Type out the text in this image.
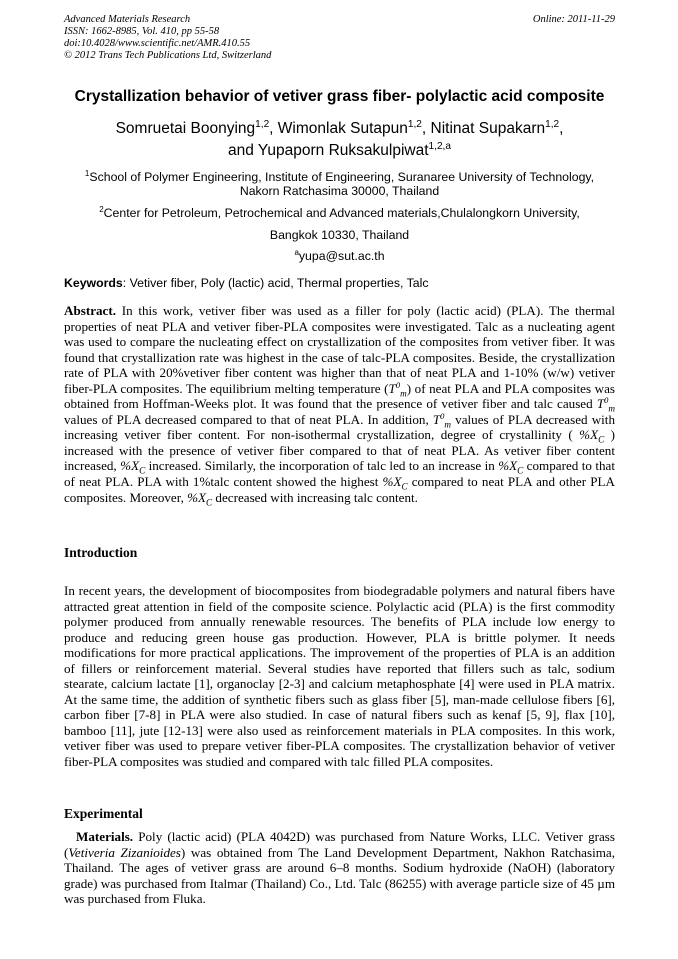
Advanced Materials Research
ISSN: 1662-8985, Vol. 410, pp 55-58
doi:10.4028/www.scientific.net/AMR.410.55
© 2012 Trans Tech Publications Ltd, Switzerland
Online: 2011-11-29
Crystallization behavior of vetiver grass fiber- polylactic acid composite
Somruetai Boonying$^{1,2}$, Wimonlak Sutapun$^{1,2}$, Nitinat Supakarn$^{1,2}$,
and Yupaporn Ruksakulpiwat$^{1,2,a}$
$^1$School of Polymer Engineering, Institute of Engineering, Suranaree University of Technology,
Nakorn Ratchasima 30000, Thailand
$^2$Center for Petroleum, Petrochemical and Advanced materials,Chulalongkorn University,
Bangkok 10330, Thailand
$^a$yupa@sut.ac.th
Keywords: Vetiver fiber, Poly (lactic) acid, Thermal properties, Talc
Abstract. In this work, vetiver fiber was used as a filler for poly (lactic acid) (PLA). The thermal properties of neat PLA and vetiver fiber-PLA composites were investigated. Talc as a nucleating agent was used to compare the nucleating effect on crystallization of the composites from vetiver fiber. It was found that crystallization rate was highest in the case of talc-PLA composites. Beside, the crystallization rate of PLA with 20%vetiver fiber content was higher than that of neat PLA and 1-10% (w/w) vetiver fiber-PLA composites. The equilibrium melting temperature $(T^0_m)$ of neat PLA and PLA composites was obtained from Hoffman-Weeks plot. It was found that the presence of vetiver fiber and talc caused $T^0_m$ values of PLA decreased compared to that of neat PLA. In addition, $T^0_m$ values of PLA decreased with increasing vetiver fiber content. For non-isothermal crystallization, degree of crystallinity ( $\%X_C$ ) increased with the presence of vetiver fiber compared to that of neat PLA. As vetiver fiber content increased, $\%X_C$ increased. Similarly, the incorporation of talc led to an increase in $\%X_C$ compared to that of neat PLA. PLA with 1%talc content showed the highest $\%X_C$ compared to neat PLA and other PLA composites. Moreover, $\%X_C$ decreased with increasing talc content.
Introduction
In recent years, the development of biocomposites from biodegradable polymers and natural fibers have attracted great attention in field of the composite science. Polylactic acid (PLA) is the first commodity polymer produced from annually renewable resources. The benefits of PLA include low energy to produce and reducing green house gas production. However, PLA is brittle polymer. It needs modifications for more practical applications. The improvement of the properties of PLA is an addition of fillers or reinforcement material. Several studies have reported that fillers such as talc, sodium stearate, calcium lactate [1], organoclay [2-3] and calcium metaphosphate [4] were used in PLA matrix. At the same time, the addition of synthetic fibers such as glass fiber [5], man-made cellulose fibers [6], carbon fiber [7-8] in PLA were also studied. In case of natural fibers such as kenaf [5, 9], flax [10], bamboo [11], jute [12-13] were also used as reinforcement materials in PLA composites. In this work, vetiver fiber was used to prepare vetiver fiber-PLA composites. The crystallization behavior of vetiver fiber-PLA composites was studied and compared with talc filled PLA composites.
Experimental
Materials. Poly (lactic acid) (PLA 4042D) was purchased from Nature Works, LLC. Vetiver grass (Vetiveria Zizanioides) was obtained from The Land Development Department, Nakhon Ratchasima, Thailand. The ages of vetiver grass are around 6–8 months. Sodium hydroxide (NaOH) (laboratory grade) was purchased from Italmar (Thailand) Co., Ltd. Talc (86255) with average particle size of 45 µm was purchased from Fluka.
